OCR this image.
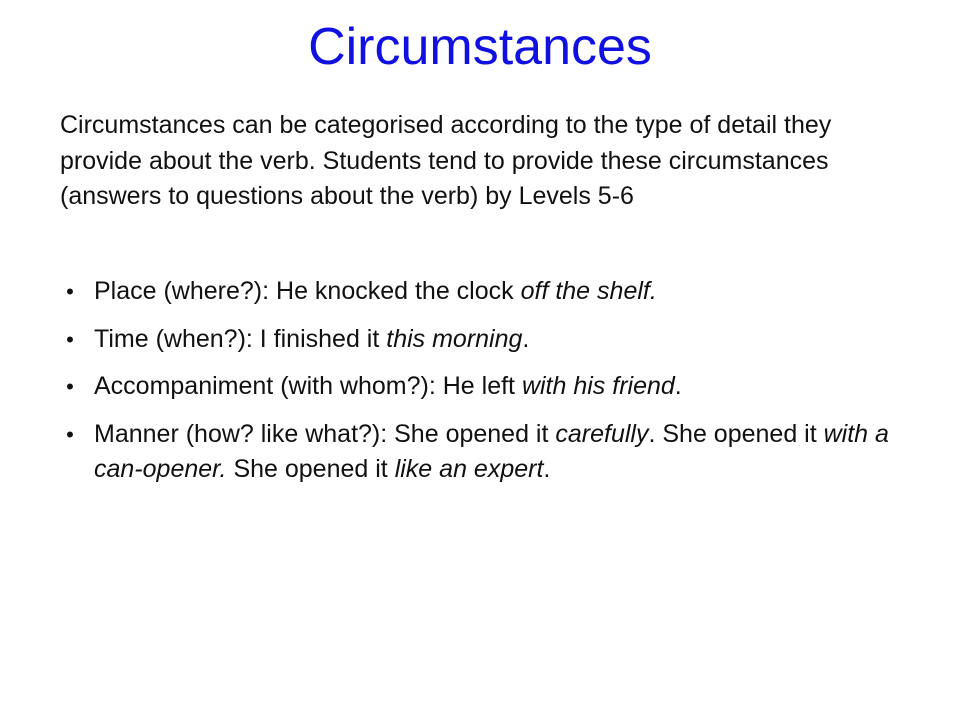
Circumstances

Circumstances can be categorised according to the type of detail they provide about the verb. Students tend to provide these circumstances (answers to questions about the verb) by Levels 5-6

• Place (where?): He knocked the clock off the shelf.
• Time (when?): I finished it this morning.
• Accompaniment (with whom?): He left with his friend.
• Manner (how? like what?): She opened it carefully. She opened it with a can-opener. She opened it like an expert.
